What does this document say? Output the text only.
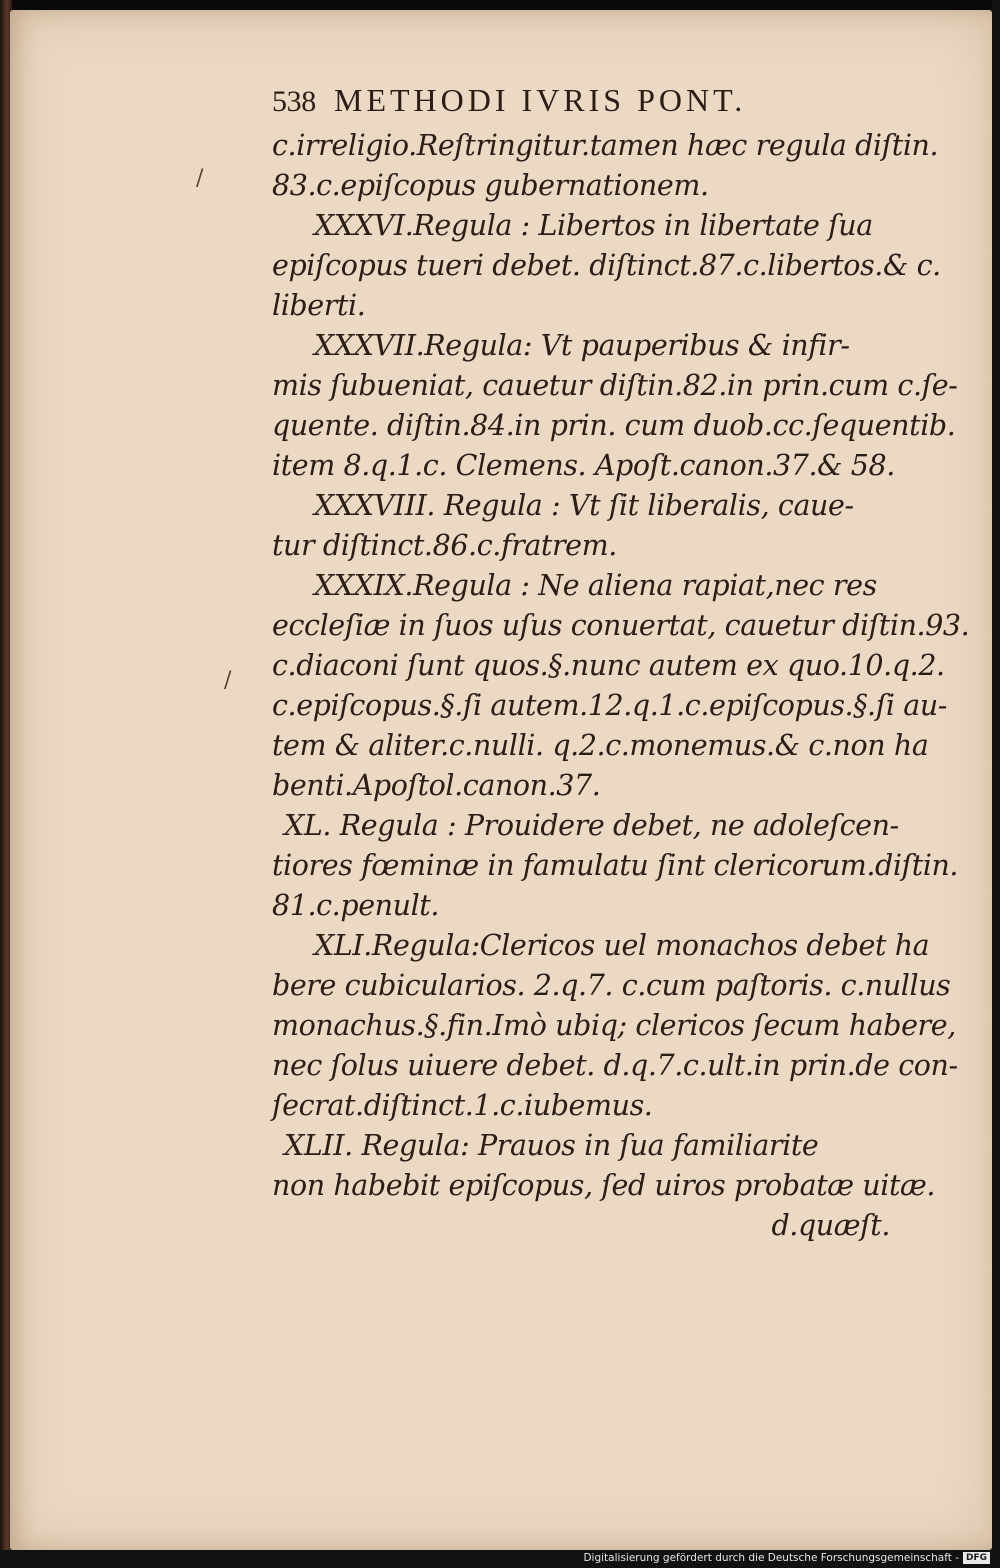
/
/
538 METHODI IVRIS PONT.
c.irreligio.Reſtringitur.tamen hæc regula diſtin.
83.c.epiſcopus gubernationem.
XXXVI.Regula : Libertos in libertate ſua
epiſcopus tueri debet. diſtinct.87.c.libertos.& c.
liberti.
XXXVII.Regula: Vt pauperibus & infir-
mis ſubueniat, cauetur diſtin.82.in prin.cum c.ſe-
quente. diſtin.84.in prin. cum duob.cc.ſequentib.
item 8.q.1.c. Clemens. Apoſt.canon.37.& 58.
XXXVIII. Regula : Vt ſit liberalis, caue-
tur diſtinct.86.c.fratrem.
XXXIX.Regula : Ne aliena rapiat,nec res
eccleſiæ in ſuos uſus conuertat, cauetur diſtin.93.
c.diaconi ſunt quos.§.nunc autem ex quo.10.q.2.
c.epiſcopus.§.ſi autem.12.q.1.c.epiſcopus.§.ſi au-
tem & aliter.c.nulli. q.2.c.monemus.& c.non ha
benti.Apoſtol.canon.37.
XL. Regula : Prouidere debet, ne adoleſcen-
tiores fœminæ in famulatu ſint clericorum.diſtin.
81.c.penult.
XLI.Regula:Clericos uel monachos debet ha
bere cubicularios. 2.q.7. c.cum paſtoris. c.nullus
monachus.§.fin.Imò ubiq; clericos ſecum habere,
nec ſolus uiuere debet. d.q.7.c.ult.in prin.de con-
ſecrat.diſtinct.1.c.iubemus.
XLII. Regula: Prauos in ſua familiarite
non habebit epiſcopus, ſed uiros probatæ uitæ.
d.quæſt.
Digitalisierung gefördert durch die Deutsche Forschungsgemeinschaft - DFG
